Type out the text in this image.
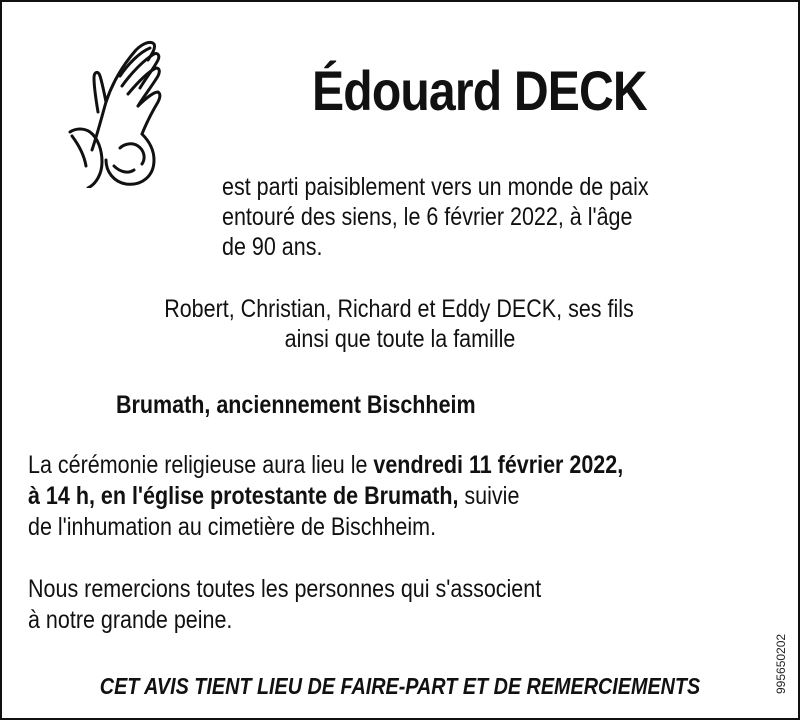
Édouard DECK
est parti paisiblement vers un monde de paix
entouré des siens, le 6 février 2022, à l'âge
de 90 ans.
Robert, Christian, Richard et Eddy DECK, ses fils
ainsi que toute la famille
Brumath, anciennement Bischheim
La cérémonie religieuse aura lieu le vendredi 11 février 2022,
à 14 h, en l'église protestante de Brumath, suivie
de l'inhumation au cimetière de Bischheim.
Nous remercions toutes les personnes qui s'associent
à notre grande peine.
CET AVIS TIENT LIEU DE FAIRE-PART ET DE REMERCIEMENTS	995650202
